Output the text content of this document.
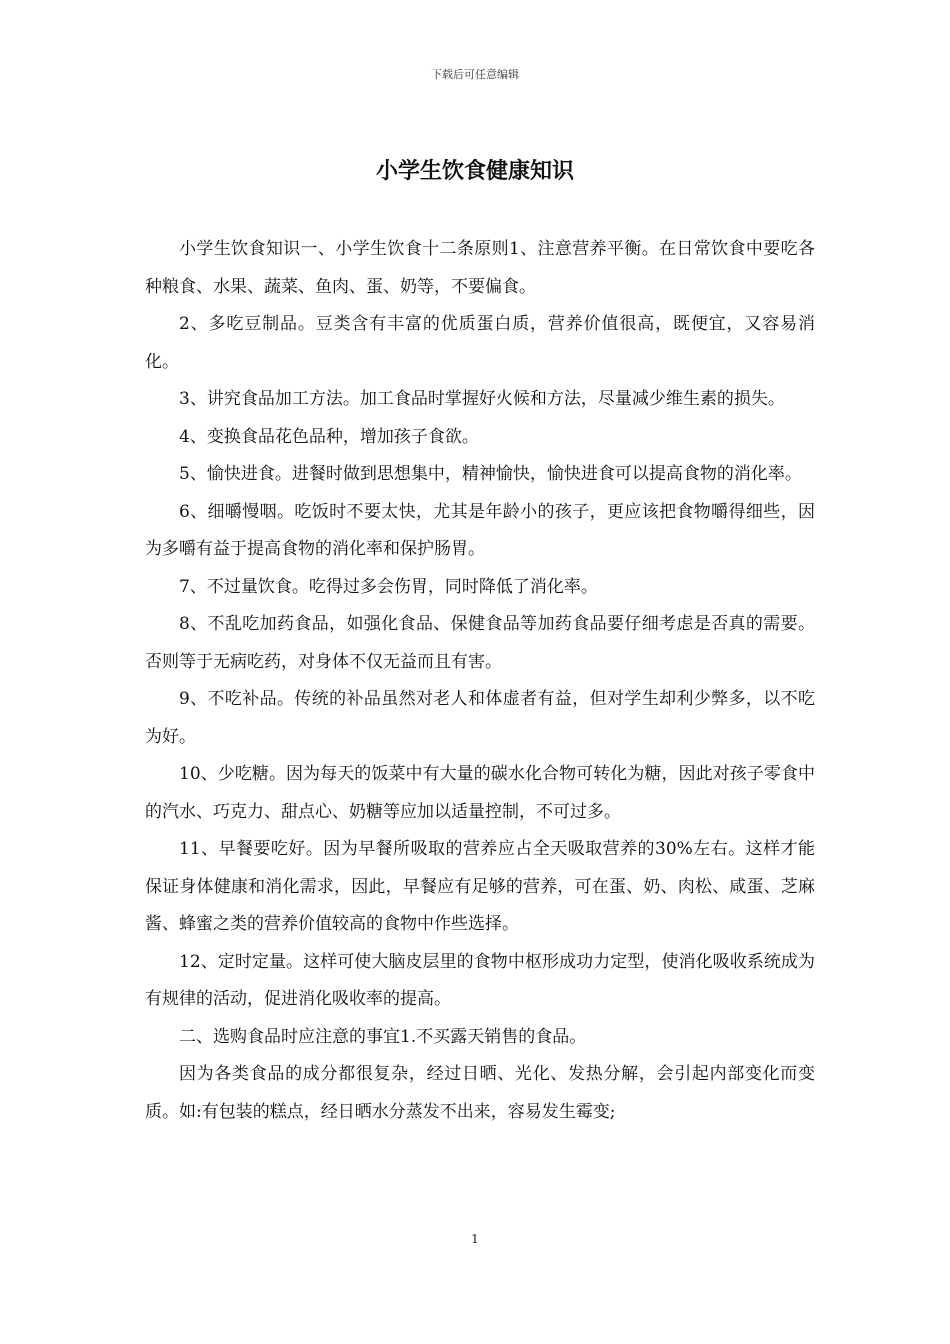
下载后可任意编辑
小学生饮食健康知识

小学生饮食知识一、小学生饮食十二条原则1、注意营养平衡。在日常饮食中要吃各种粮食、水果、蔬菜、鱼肉、蛋、奶等，不要偏食。

2、多吃豆制品。豆类含有丰富的优质蛋白质，营养价值很高，既便宜，又容易消化。

3、讲究食品加工方法。加工食品时掌握好火候和方法，尽量减少维生素的损失。

4、变换食品花色品种，增加孩子食欲。

5、愉快进食。进餐时做到思想集中，精神愉快，愉快进食可以提高食物的消化率。

6、细嚼慢咽。吃饭时不要太快，尤其是年龄小的孩子，更应该把食物嚼得细些，因为多嚼有益于提高食物的消化率和保护肠胃。

7、不过量饮食。吃得过多会伤胃，同时降低了消化率。

8、不乱吃加药食品，如强化食品、保健食品等加药食品要仔细考虑是否真的需要。否则等于无病吃药，对身体不仅无益而且有害。

9、不吃补品。传统的补品虽然对老人和体虚者有益，但对学生却利少弊多，以不吃为好。

10、少吃糖。因为每天的饭菜中有大量的碳水化合物可转化为糖，因此对孩子零食中的汽水、巧克力、甜点心、奶糖等应加以适量控制，不可过多。

11、早餐要吃好。因为早餐所吸取的营养应占全天吸取营养的30%左右。这样才能保证身体健康和消化需求，因此，早餐应有足够的营养，可在蛋、奶、肉松、咸蛋、芝麻酱、蜂蜜之类的营养价值较高的食物中作些选择。

12、定时定量。这样可使大脑皮层里的食物中枢形成功力定型，使消化吸收系统成为有规律的活动，促进消化吸收率的提高。

二、选购食品时应注意的事宜1.不买露天销售的食品。

因为各类食品的成分都很复杂，经过日晒、光化、发热分解，会引起内部变化而变质。如:有包装的糕点，经日晒水分蒸发不出来，容易发生霉变;

1
